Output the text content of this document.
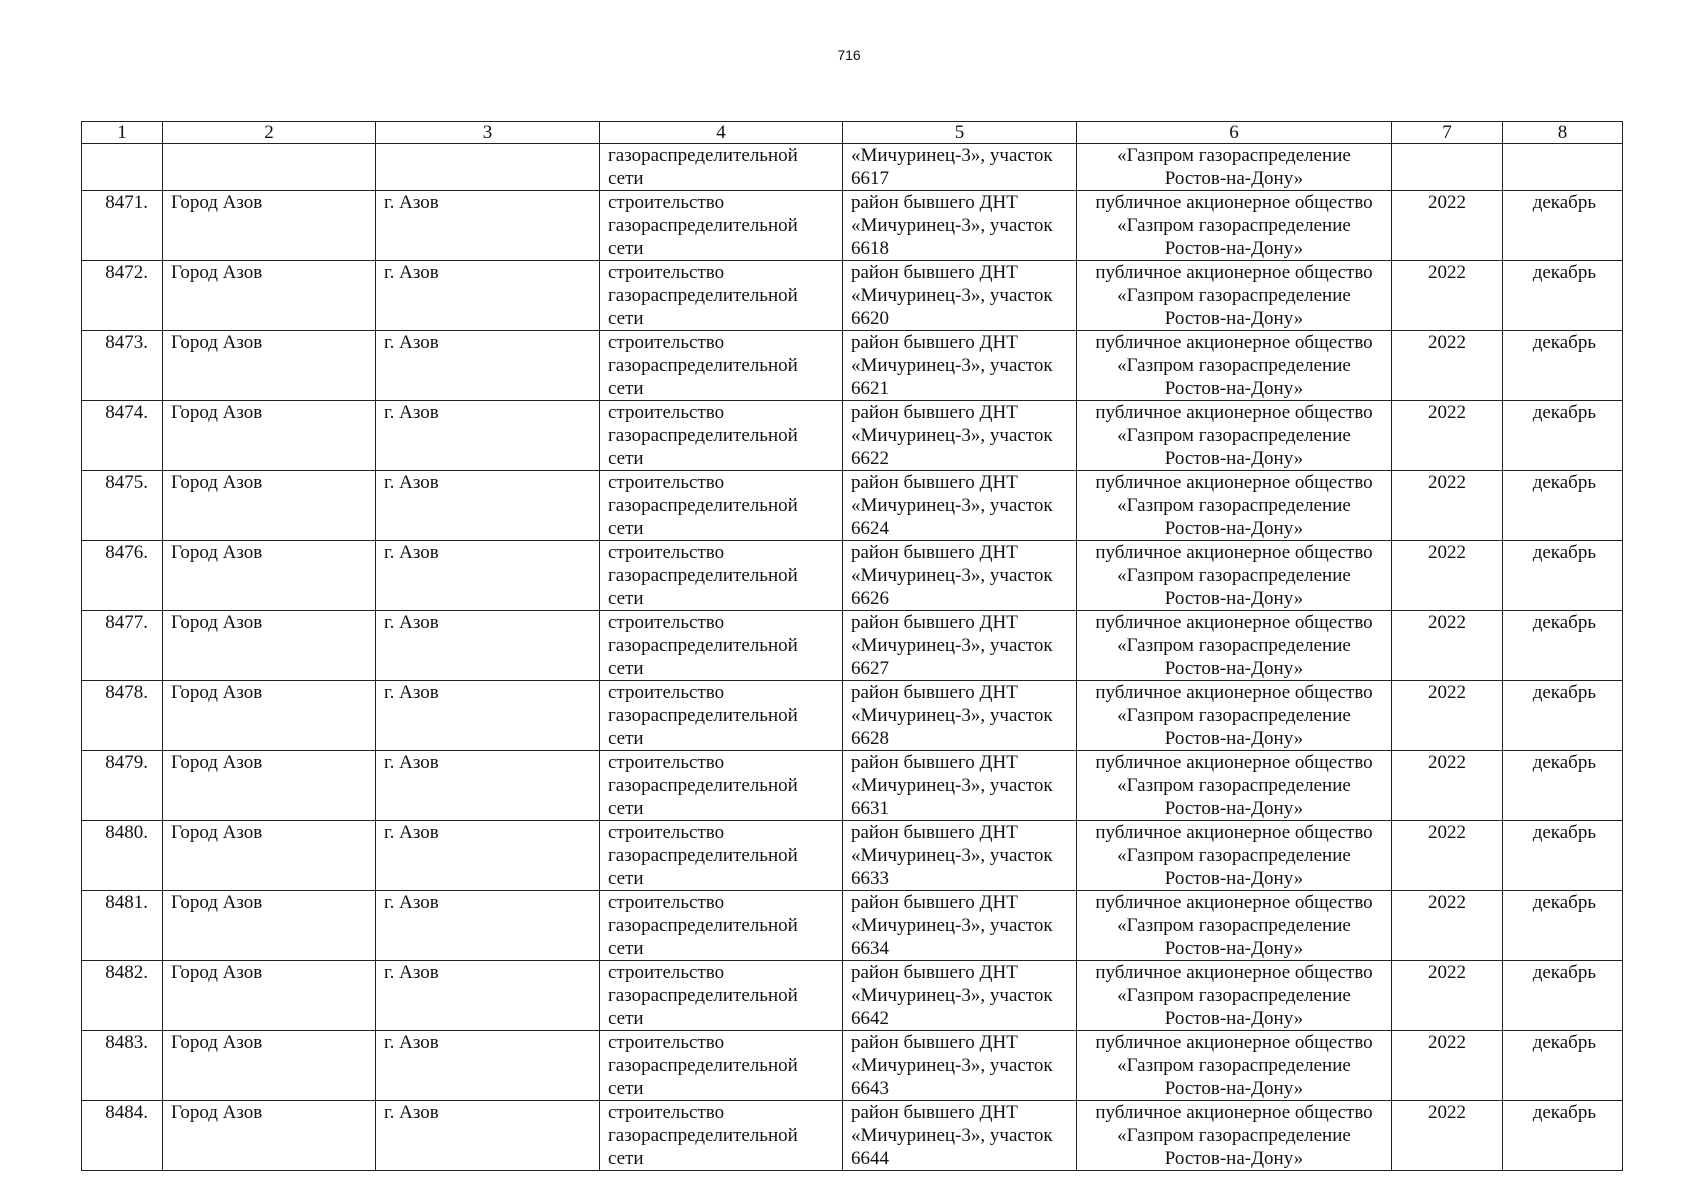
716
1	2	3	4	5	6	7	8

			газораспределительной
сети	«Мичуринец-3», участок
6617	«Газпром газораспределение
Ростов-на-Дону»		

8471.	Город Азов	г. Азов	строительство
газораспределительной
сети	район бывшего ДНТ
«Мичуринец-3», участок
6618	публичное акционерное общество
«Газпром газораспределение
Ростов-на-Дону»	2022	декабрь
8472.	Город Азов	г. Азов	строительство
газораспределительной
сети	район бывшего ДНТ
«Мичуринец-3», участок
6620	публичное акционерное общество
«Газпром газораспределение
Ростов-на-Дону»	2022	декабрь
8473.	Город Азов	г. Азов	строительство
газораспределительной
сети	район бывшего ДНТ
«Мичуринец-3», участок
6621	публичное акционерное общество
«Газпром газораспределение
Ростов-на-Дону»	2022	декабрь
8474.	Город Азов	г. Азов	строительство
газораспределительной
сети	район бывшего ДНТ
«Мичуринец-3», участок
6622	публичное акционерное общество
«Газпром газораспределение
Ростов-на-Дону»	2022	декабрь
8475.	Город Азов	г. Азов	строительство
газораспределительной
сети	район бывшего ДНТ
«Мичуринец-3», участок
6624	публичное акционерное общество
«Газпром газораспределение
Ростов-на-Дону»	2022	декабрь
8476.	Город Азов	г. Азов	строительство
газораспределительной
сети	район бывшего ДНТ
«Мичуринец-3», участок
6626	публичное акционерное общество
«Газпром газораспределение
Ростов-на-Дону»	2022	декабрь
8477.	Город Азов	г. Азов	строительство
газораспределительной
сети	район бывшего ДНТ
«Мичуринец-3», участок
6627	публичное акционерное общество
«Газпром газораспределение
Ростов-на-Дону»	2022	декабрь
8478.	Город Азов	г. Азов	строительство
газораспределительной
сети	район бывшего ДНТ
«Мичуринец-3», участок
6628	публичное акционерное общество
«Газпром газораспределение
Ростов-на-Дону»	2022	декабрь
8479.	Город Азов	г. Азов	строительство
газораспределительной
сети	район бывшего ДНТ
«Мичуринец-3», участок
6631	публичное акционерное общество
«Газпром газораспределение
Ростов-на-Дону»	2022	декабрь
8480.	Город Азов	г. Азов	строительство
газораспределительной
сети	район бывшего ДНТ
«Мичуринец-3», участок
6633	публичное акционерное общество
«Газпром газораспределение
Ростов-на-Дону»	2022	декабрь
8481.	Город Азов	г. Азов	строительство
газораспределительной
сети	район бывшего ДНТ
«Мичуринец-3», участок
6634	публичное акционерное общество
«Газпром газораспределение
Ростов-на-Дону»	2022	декабрь
8482.	Город Азов	г. Азов	строительство
газораспределительной
сети	район бывшего ДНТ
«Мичуринец-3», участок
6642	публичное акционерное общество
«Газпром газораспределение
Ростов-на-Дону»	2022	декабрь
8483.	Город Азов	г. Азов	строительство
газораспределительной
сети	район бывшего ДНТ
«Мичуринец-3», участок
6643	публичное акционерное общество
«Газпром газораспределение
Ростов-на-Дону»	2022	декабрь
8484.	Город Азов	г. Азов	строительство
газораспределительной
сети	район бывшего ДНТ
«Мичуринец-3», участок
6644	публичное акционерное общество
«Газпром газораспределение
Ростов-на-Дону»	2022	декабрь
